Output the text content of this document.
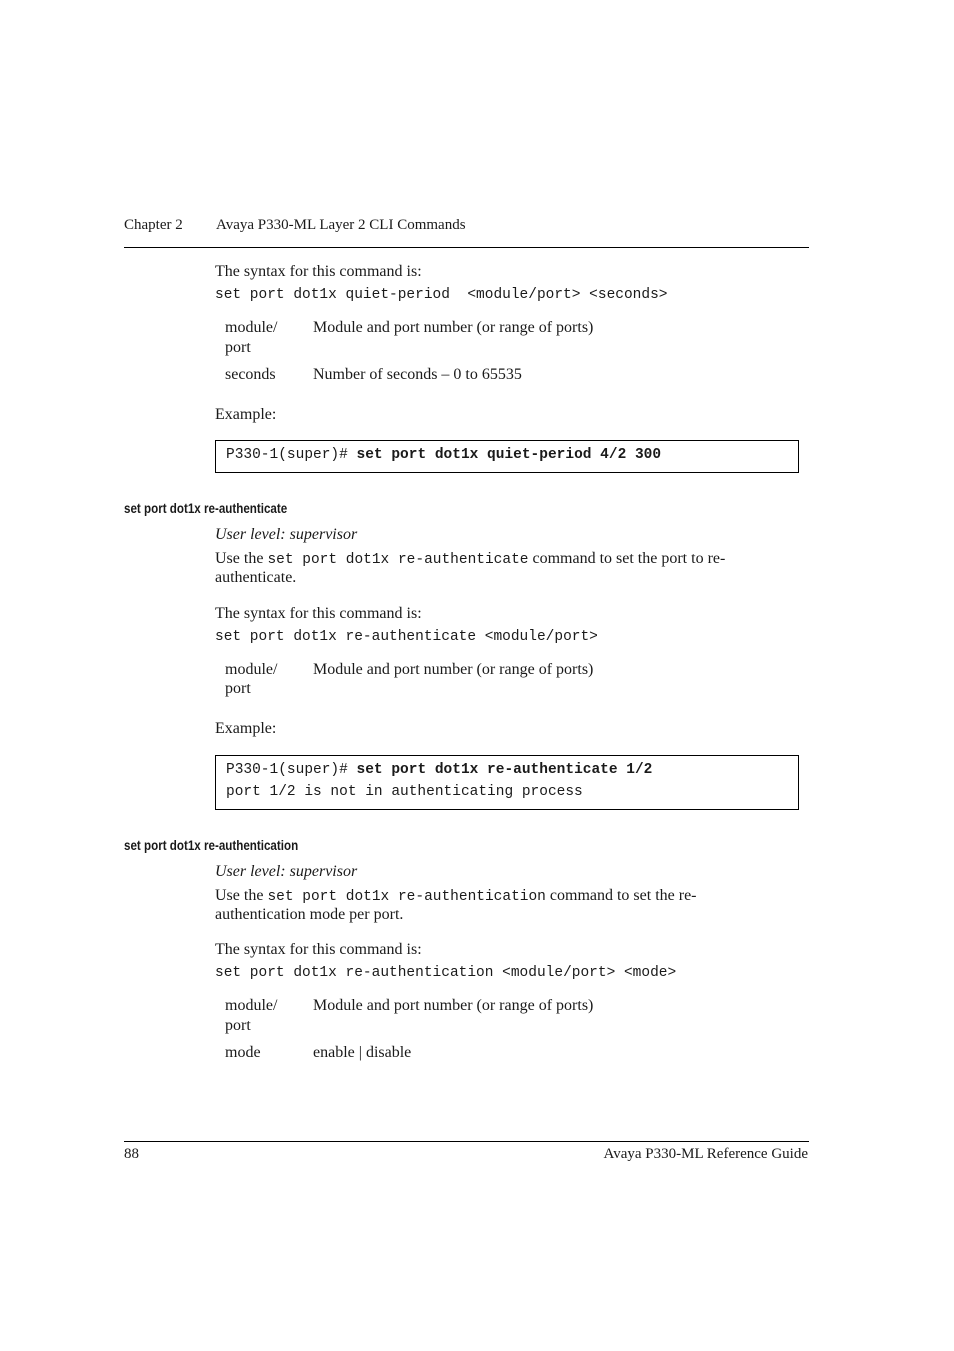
Chapter 2 Avaya P330-ML Layer 2 CLI Commands
The syntax for this command is:
set port dot1x quiet-period  <module/port> <seconds>
module/
port
Module and port number (or range of ports)
seconds Number of seconds – 0 to 65535
Example:
P330-1(super)# set port dot1x quiet-period 4/2 300
set port dot1x re-authenticate
User level: supervisor
Use the set port dot1x re-authenticate command to set the port to re-
authenticate.
The syntax for this command is:
set port dot1x re-authenticate <module/port>
module/
port
Module and port number (or range of ports)
Example:
P330-1(super)# set port dot1x re-authenticate 1/2
port 1/2 is not in authenticating process
set port dot1x re-authentication
User level: supervisor
Use the set port dot1x re-authentication command to set the re-
authentication mode per port.
The syntax for this command is:
set port dot1x re-authentication <module/port> <mode>
module/
port
Module and port number (or range of ports)
mode	enable | disable
88	Avaya P330-ML Reference Guide
